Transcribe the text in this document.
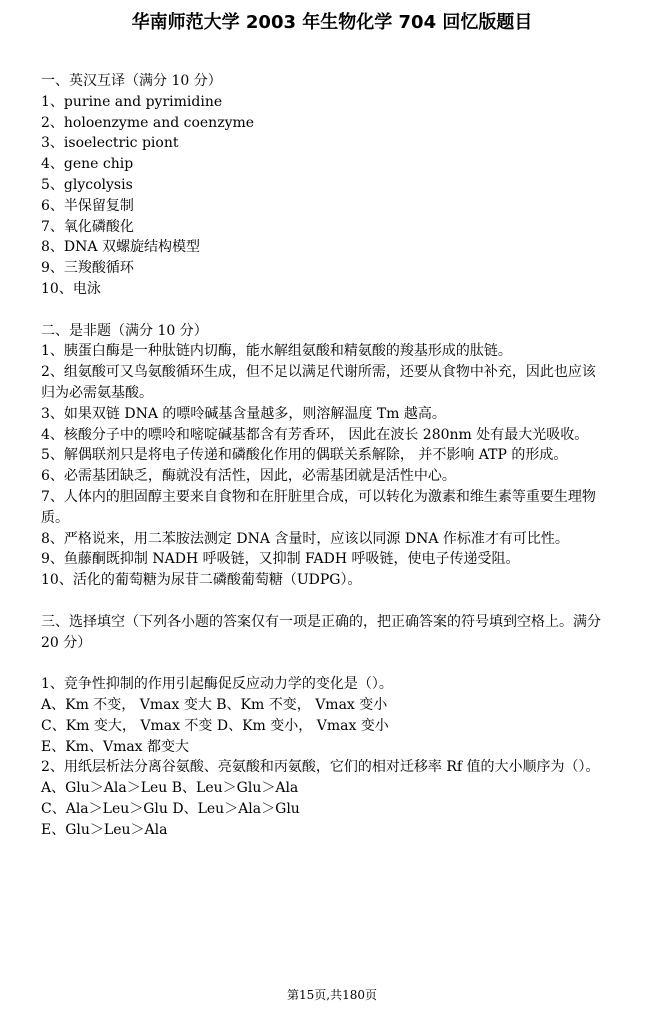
华南师范大学 2003 年生物化学 704 回忆版题目
一、英汉互译（满分 10 分）
1、purine and pyrimidine
2、holoenzyme and coenzyme
3、isoelectric piont
4、gene chip
5、glycolysis
6、半保留复制
7、氧化磷酸化
8、DNA 双螺旋结构模型
9、三羧酸循环
10、电泳
二、是非题（满分 10 分）
1、胰蛋白酶是一种肽链内切酶，能水解组氨酸和精氨酸的羧基形成的肽链。
2、组氨酸可又鸟氨酸循环生成，但不足以满足代谢所需，还要从食物中补充，因此也应该归为必需氨基酸。
3、如果双链 DNA 的嘌呤碱基含量越多，则溶解温度 Tm 越高。
4、核酸分子中的嘌呤和嘧啶碱基都含有芳香环， 因此在波长 280nm 处有最大光吸收。
5、解偶联剂只是将电子传递和磷酸化作用的偶联关系解除， 并不影响 ATP 的形成。
6、必需基团缺乏，酶就没有活性，因此，必需基团就是活性中心。
7、人体内的胆固醇主要来自食物和在肝脏里合成，可以转化为激素和维生素等重要生理物质。
8、严格说来，用二苯胺法测定 DNA 含量时，应该以同源 DNA 作标准才有可比性。
9、鱼藤酮既抑制 NADH 呼吸链，又抑制 FADH 呼吸链，使电子传递受阻。
10、活化的葡萄糖为尿苷二磷酸葡萄糖（UDPG）。
三、选择填空（下列各小题的答案仅有一项是正确的，把正确答案的符号填到空格上。满分 20 分）
1、竞争性抑制的作用引起酶促反应动力学的变化是（）。
A、Km 不变， Vmax 变大 B、Km 不变， Vmax 变小
C、Km 变大， Vmax 不变 D、Km 变小， Vmax 变小
E、Km、Vmax 都变大
2、用纸层析法分离谷氨酸、亮氨酸和丙氨酸，它们的相对迁移率 Rf 值的大小顺序为（）。
A、Glu＞Ala＞Leu B、Leu＞Glu＞Ala
C、Ala＞Leu＞Glu D、Leu＞Ala＞Glu
E、Glu＞Leu＞Ala
第15页,共180页
